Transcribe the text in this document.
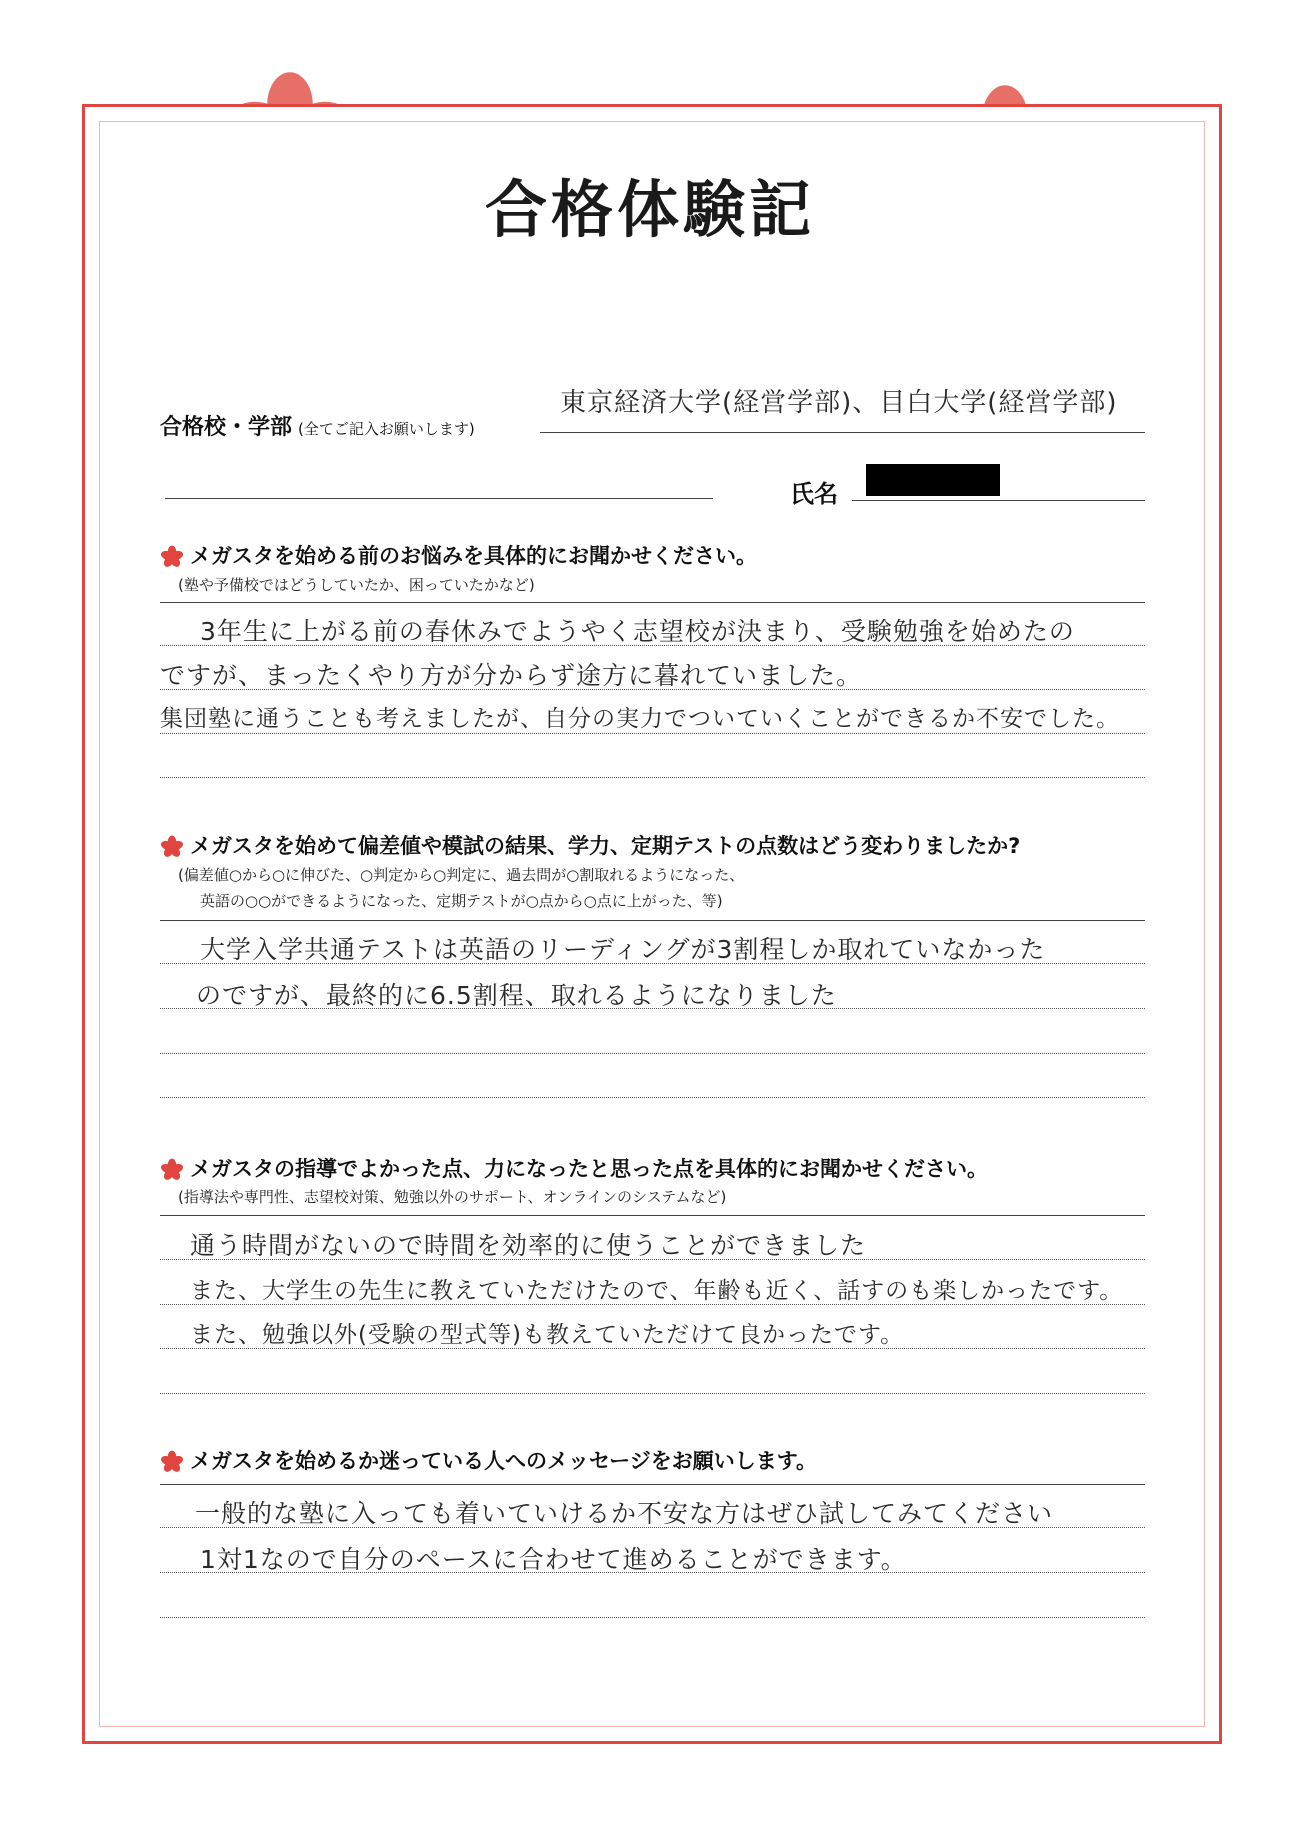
合格体験記
合格校・学部 (全てご記入お願いします)
東京経済大学(経営学部)、目白大学(経営学部)
氏名
メガスタを始める前のお悩みを具体的にお聞かせください。
(塾や予備校ではどうしていたか、困っていたかなど)
3年生に上がる前の春休みでようやく志望校が決まり、受験勉強を始めたの
ですが、まったくやり方が分からず途方に暮れていました。
集団塾に通うことも考えましたが、自分の実力でついていくことができるか不安でした。
メガスタを始めて偏差値や模試の結果、学力、定期テストの点数はどう変わりましたか?
(偏差値○から○に伸びた、○判定から○判定に、過去問が○割取れるようになった、
英語の○○ができるようになった、定期テストが○点から○点に上がった、等)
大学入学共通テストは英語のリーディングが3割程しか取れていなかった
のですが、最終的に6.5割程、取れるようになりました
メガスタの指導でよかった点、力になったと思った点を具体的にお聞かせください。
(指導法や専門性、志望校対策、勉強以外のサポート、オンラインのシステムなど)
通う時間がないので時間を効率的に使うことができました
また、大学生の先生に教えていただけたので、年齢も近く、話すのも楽しかったです。
また、勉強以外(受験の型式等)も教えていただけて良かったです。
メガスタを始めるか迷っている人へのメッセージをお願いします。
一般的な塾に入っても着いていけるか不安な方はぜひ試してみてください
1対1なので自分のペースに合わせて進めることができます。
